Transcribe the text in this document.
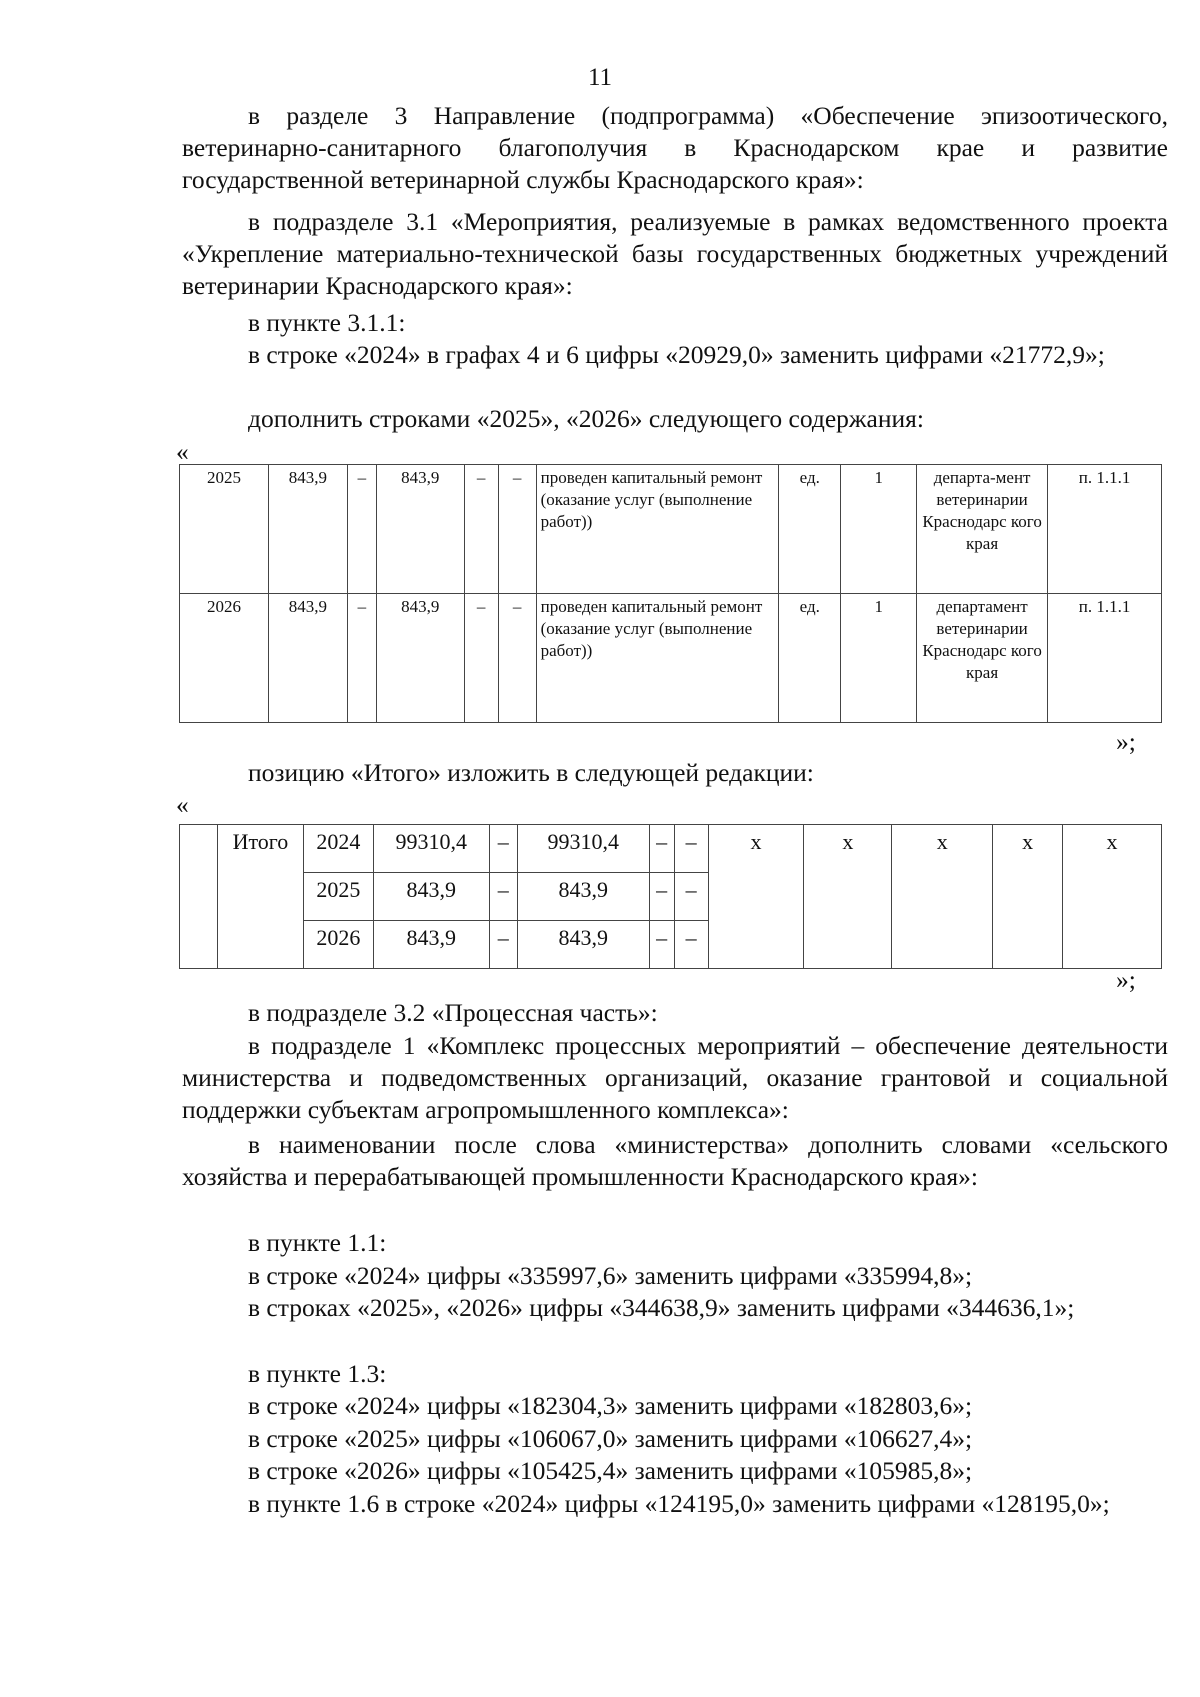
11

в разделе 3 Направление (подпрограмма) «Обеспечение эпизоотического, ветеринарно-санитарного благополучия в Краснодарском крае и развитие государственной ветеринарной службы Краснодарского края»:

в подразделе 3.1 «Мероприятия, реализуемые в рамках ведомственного проекта «Укрепление материально-технической базы государственных бюджетных учреждений ветеринарии Краснодарского края»:

в пункте 3.1.1:

в строке «2024» в графах 4 и 6 цифры «20929,0» заменить цифрами «21772,9»;

дополнить строками «2025», «2026» следующего содержания:

«
2025	843,9	–	843,9	–	–	проведен капитальный ремонт (оказание услуг (выполнение работ))	ед.	1	департа-мент ветеринарии Краснодарс кого края	п. 1.1.1
2026	843,9	–	843,9	–	–	проведен капитальный ремонт (оказание услуг (выполнение работ))	ед.	1	департамент ветеринарии Краснодарс кого края	п. 1.1.1
»;

позицию «Итого» изложить в следующей редакции:

«
	Итого	2024	99310,4	–	99310,4	–	–	х	х	х	х	х
		2025	843,9	–	843,9	–	–					
		2026	843,9	–	843,9	–	–					
»;

в подразделе 3.2 «Процессная часть»:

в подразделе 1 «Комплекс процессных мероприятий – обеспечение деятельности министерства и подведомственных организаций, оказание грантовой и социальной поддержки субъектам агропромышленного комплекса»:

в наименовании после слова «министерства» дополнить словами «сельского хозяйства и перерабатывающей промышленности Краснодарского края»:

в пункте 1.1:

в строке «2024» цифры «335997,6» заменить цифрами «335994,8»;

в строках «2025», «2026» цифры «344638,9» заменить цифрами «344636,1»;

в пункте 1.3:

в строке «2024» цифры «182304,3» заменить цифрами «182803,6»;

в строке «2025» цифры «106067,0» заменить цифрами «106627,4»;

в строке «2026» цифры «105425,4» заменить цифрами «105985,8»;

в пункте 1.6 в строке «2024» цифры «124195,0» заменить цифрами «128195,0»;
